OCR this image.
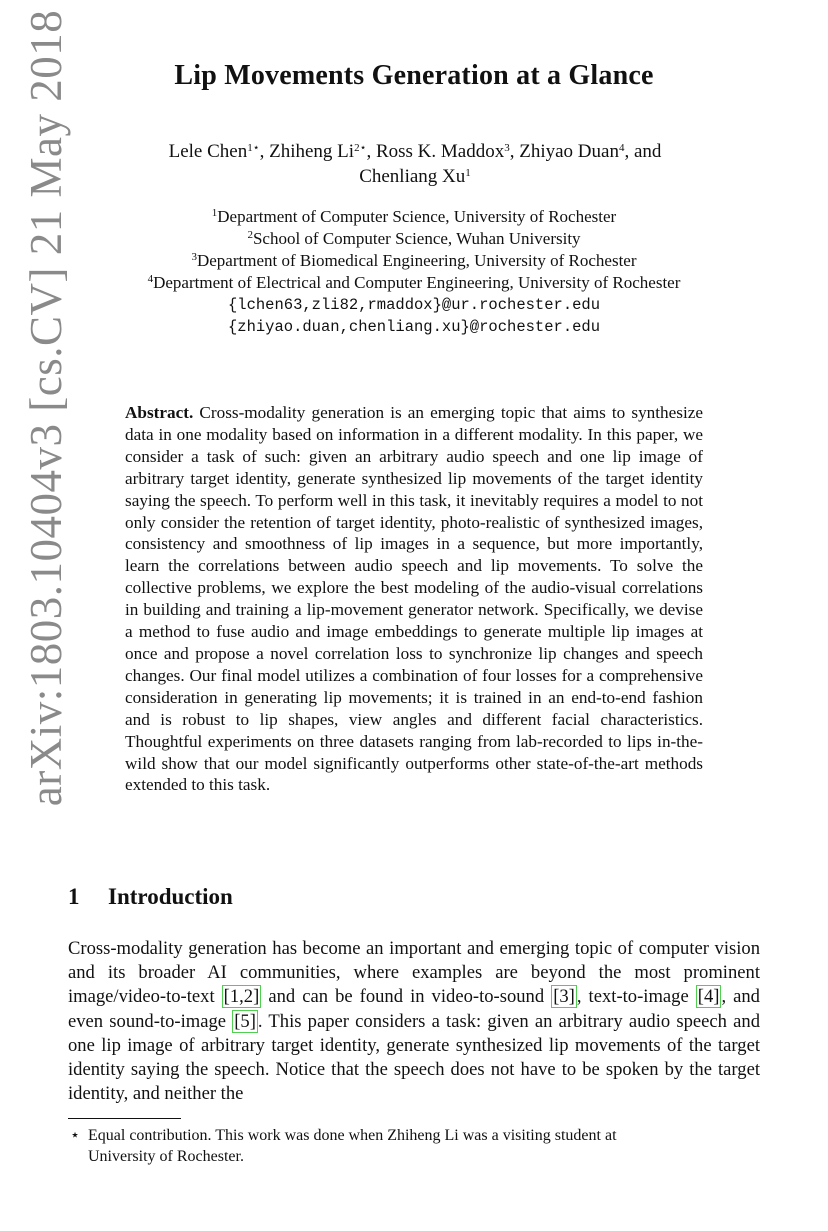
arXiv:1803.10404v3 [cs.CV] 21 May 2018	Lip Movements Generation at a Glance
Lele Chen$^{1⋆}$, Zhiheng $Li^{2⋆}$, Ross K. Maddox$^3$, Zhiyao Duan$^4$, and
Chenliang Xu$^1$
$^1$Department of Computer Science, University of Rochester
$^2$School of Computer Science, Wuhan University
$^3$Department of Biomedical Engineering, University of Rochester
$^4$Department of Electrical and Computer Engineering, University of Rochester
{lchen63,zli82,rmaddox}@ur.rochester.edu
{zhiyao.duan,chenliang.xu}@rochester.edu
Abstract. Cross-modality generation is an emerging topic that aims to synthesize data in one modality based on information in a different modality. In this paper, we consider a task of such: given an arbitrary audio speech and one lip image of arbitrary target identity, generate synthesized lip movements of the target identity saying the speech. To perform well in this task, it inevitably requires a model to not only consider the retention of target identity, photo-realistic of synthesized images, consistency and smoothness of lip images in a sequence, but more importantly, learn the correlations between audio speech and lip movements. To solve the collective problems, we explore the best modeling of the audio-visual correlations in building and training a lip-movement generator network. Specifically, we devise a method to fuse audio and image embeddings to generate multiple lip images at once and propose a novel correlation loss to synchronize lip changes and speech changes. Our final model utilizes a combination of four losses for a comprehensive consideration in generating lip movements; it is trained in an end-to-end fashion and is robust to lip shapes, view angles and different facial characteristics. Thoughtful experiments on three datasets ranging from lab-recorded to lips in-the-wild show that our model significantly outperforms other state-of-the-art methods extended to this task.
1 Introduction
Cross-modality generation has become an important and emerging topic of computer vision and its broader AI communities, where examples are beyond the most prominent image/video-to-text [1,2] and can be found in video-to-sound [3] , text-to-image [4] , and even sound-to-image [5] . This paper considers a task: given an arbitrary audio speech and one lip image of arbitrary target identity, generate synthesized lip movements of the target identity saying the speech. Notice that the speech does not have to be spoken by the target identity, and neither the
⋆ Equal contribution. This work was done when Zhiheng Li was a visiting student at
University of Rochester.
